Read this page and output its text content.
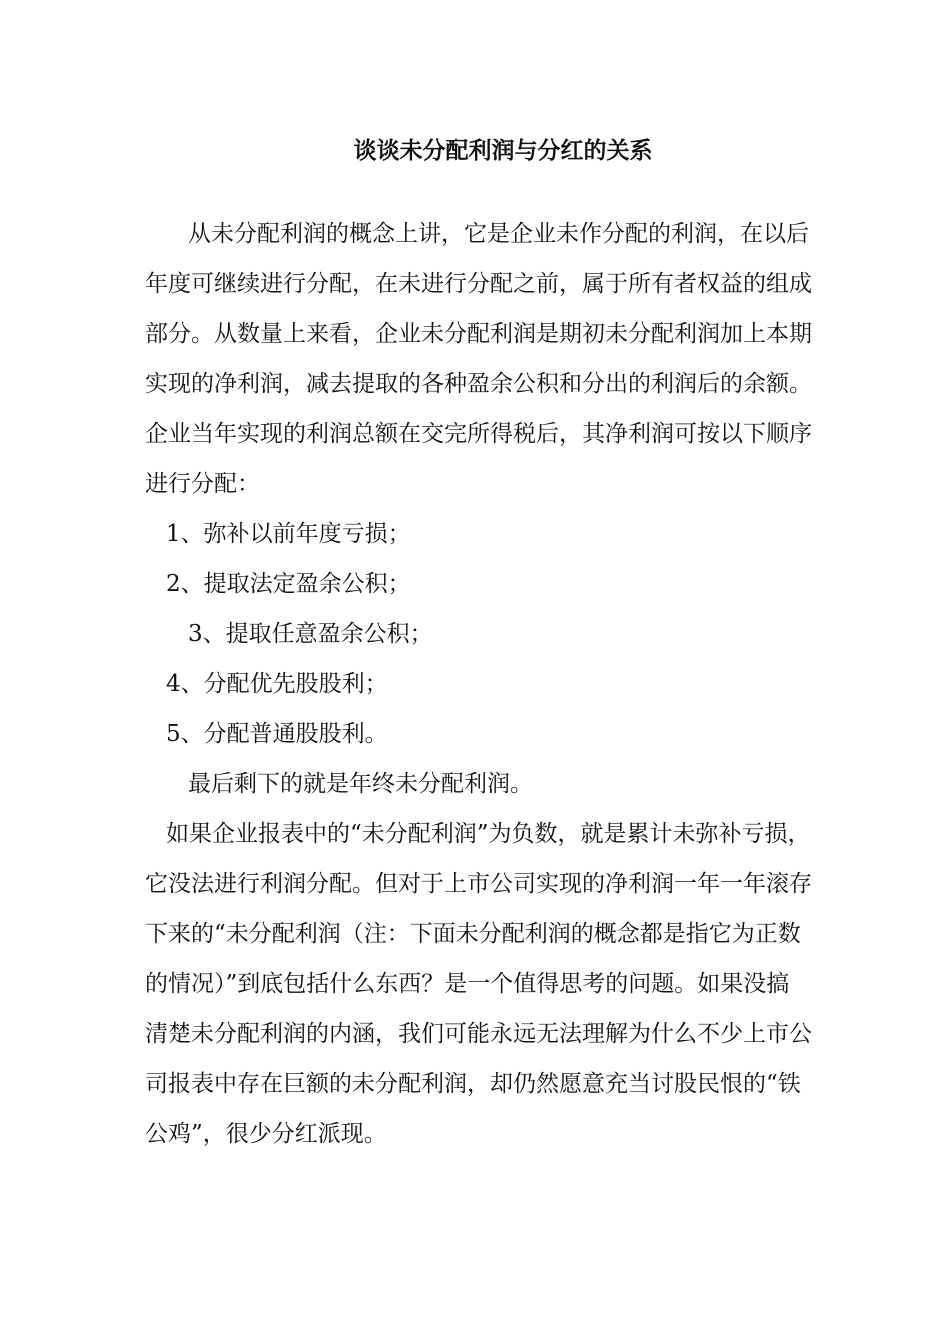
谈谈未分配利润与分红的关系
从未分配利润的概念上讲，它是企业未作分配的利润，在以后
年度可继续进行分配，在未进行分配之前，属于所有者权益的组成
部分。从数量上来看，企业未分配利润是期初未分配利润加上本期
实现的净利润，减去提取的各种盈余公积和分出的利润后的余额。
企业当年实现的利润总额在交完所得税后，其净利润可按以下顺序
进行分配：
1、弥补以前年度亏损；
2、提取法定盈余公积；
3、提取任意盈余公积；
4、分配优先股股利；
5、分配普通股股利。
最后剩下的就是年终未分配利润。
如果企业报表中的“未分配利润”为负数，就是累计未弥补亏损，
它没法进行利润分配。但对于上市公司实现的净利润一年一年滚存
下来的“未分配利润（注：下面未分配利润的概念都是指它为正数
的情况）”到底包括什么东西？是一个值得思考的问题。如果没搞
清楚未分配利润的内涵，我们可能永远无法理解为什么不少上市公
司报表中存在巨额的未分配利润，却仍然愿意充当讨股民恨的“铁
公鸡”，很少分红派现。
